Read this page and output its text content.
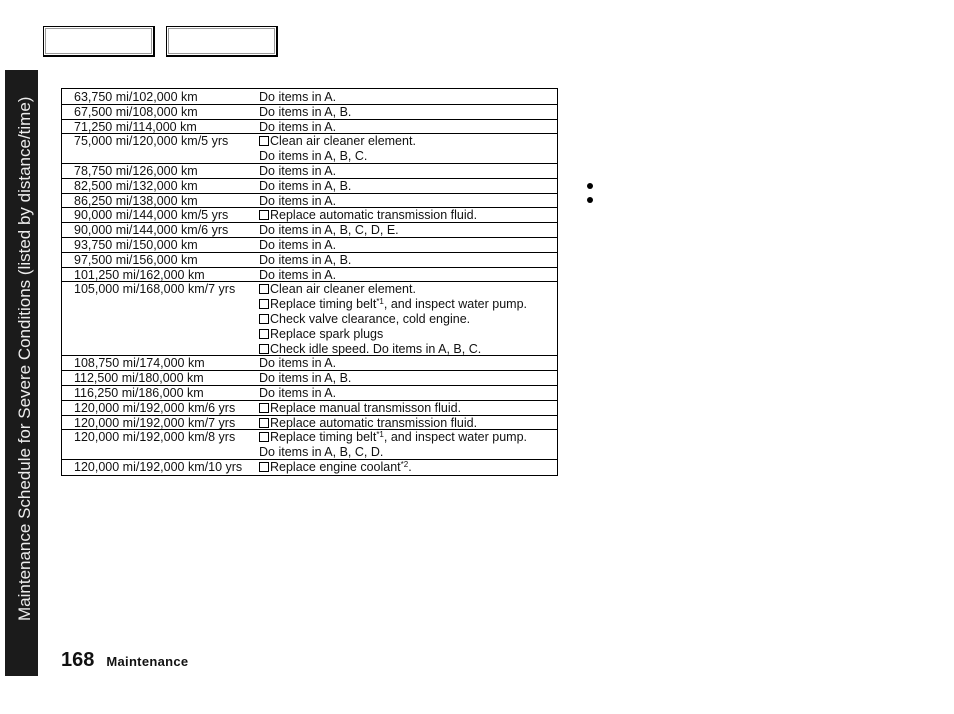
Maintenance Schedule for Severe Conditions (listed by distance/time)	63,750 mi/102,000 km	Do items in A.
67,500 mi/108,000 km	Do items in A, B.
71,250 mi/114,000 km	Do items in A.
75,000 mi/120,000 km/5 yrs	Clean air cleaner element.
Do items in A, B, C.
78,750 mi/126,000 km	Do items in A.
82,500 mi/132,000 km	Do items in A, B.
86,250 mi/138,000 km	Do items in A.
90,000 mi/144,000 km/5 yrs	Replace automatic transmission fluid.
90,000 mi/144,000 km/6 yrs	Do items in A, B, C, D, E.
93,750 mi/150,000 km	Do items in A.
97,500 mi/156,000 km	Do items in A, B.
101,250 mi/162,000 km	Do items in A.
105,000 mi/168,000 km/7 yrs	Clean air cleaner element.
Replace timing belt$^{*1}$, and inspect water pump.
Check valve clearance, cold engine.
Replace spark plugs
Check idle speed. Do items in A, B, C.
108,750 mi/174,000 km	Do items in A.
112,500 mi/180,000 km	Do items in A, B.
116,250 mi/186,000 km	Do items in A.
120,000 mi/192,000 km/6 yrs	Replace manual transmisson fluid.
120,000 mi/192,000 km/7 yrs	Replace automatic transmission fluid.
120,000 mi/192,000 km/8 yrs	Replace timing belt$^{*1}$, and inspect water pump.
Do items in A, B, C, D.
120,000 mi/192,000 km/10 yrs	Replace engine coolant$^{*2}$.
168 Maintenance
